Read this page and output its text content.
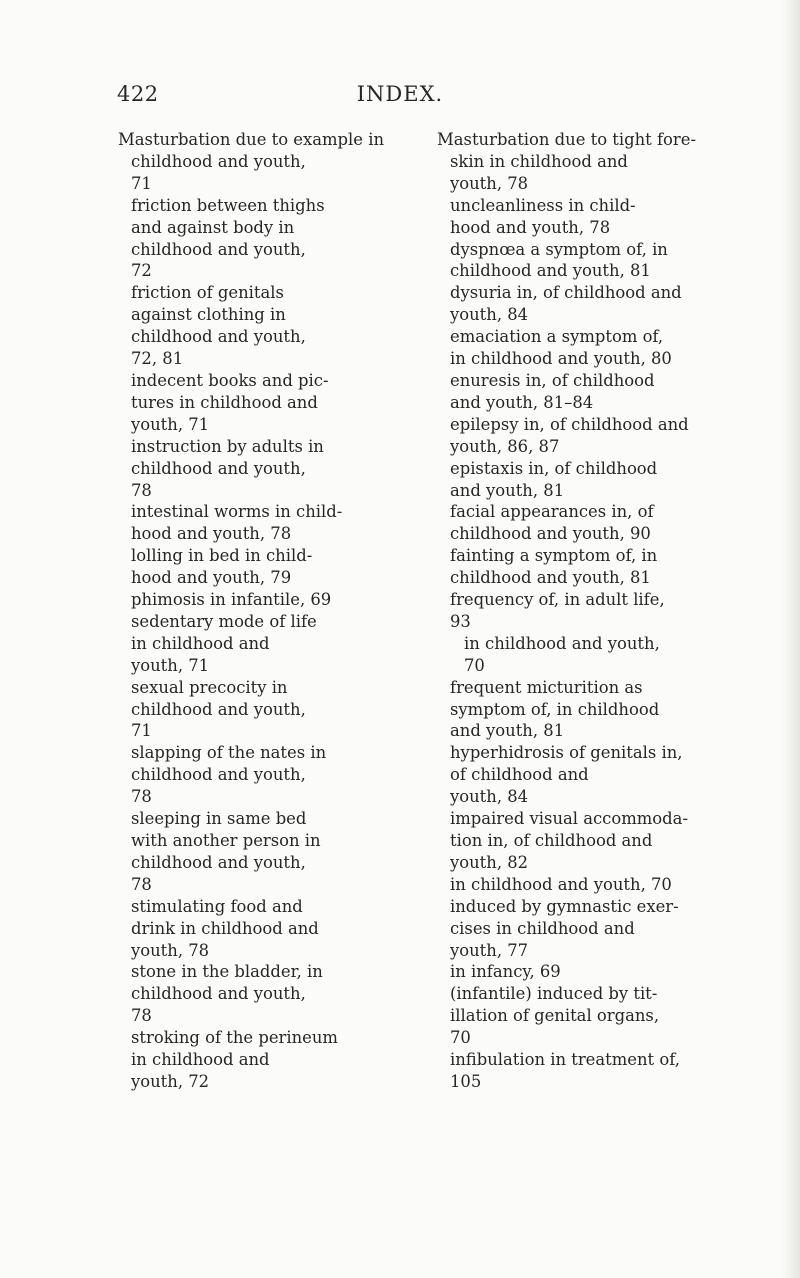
422	INDEX.
Masturbation due to example in
childhood and youth,
71
friction between thighs
and against body in
childhood and youth,
72
friction of genitals
against clothing in
childhood and youth,
72, 81
indecent books and pic-
tures in childhood and
youth, 71
instruction by adults in
childhood and youth,
78
intestinal worms in child-
hood and youth, 78
lolling in bed in child-
hood and youth, 79
phimosis in infantile, 69
sedentary mode of life
in childhood and
youth, 71
sexual precocity in
childhood and youth,
71
slapping of the nates in
childhood and youth,
78
sleeping in same bed
with another person in
childhood and youth,
78
stimulating food and
drink in childhood and
youth, 78
stone in the bladder, in
childhood and youth,
78
stroking of the perineum
in childhood and
youth, 72
Masturbation due to tight fore-
skin in childhood and
youth, 78
uncleanliness in child-
hood and youth, 78
dyspnœa a symptom of, in
childhood and youth, 81
dysuria in, of childhood and
youth, 84
emaciation a symptom of,
in childhood and youth, 80
enuresis in, of childhood
and youth, 81–84
epilepsy in, of childhood and
youth, 86, 87
epistaxis in, of childhood
and youth, 81
facial appearances in, of
childhood and youth, 90
fainting a symptom of, in
childhood and youth, 81
frequency of, in adult life,
93
in childhood and youth,
70
frequent micturition as
symptom of, in childhood
and youth, 81
hyperhidrosis of genitals in,
of childhood and
youth, 84
impaired visual accommoda-
tion in, of childhood and
youth, 82
in childhood and youth, 70
induced by gymnastic exer-
cises in childhood and
youth, 77
in infancy, 69
(infantile) induced by tit-
illation of genital organs,
70
infibulation in treatment of,
105
